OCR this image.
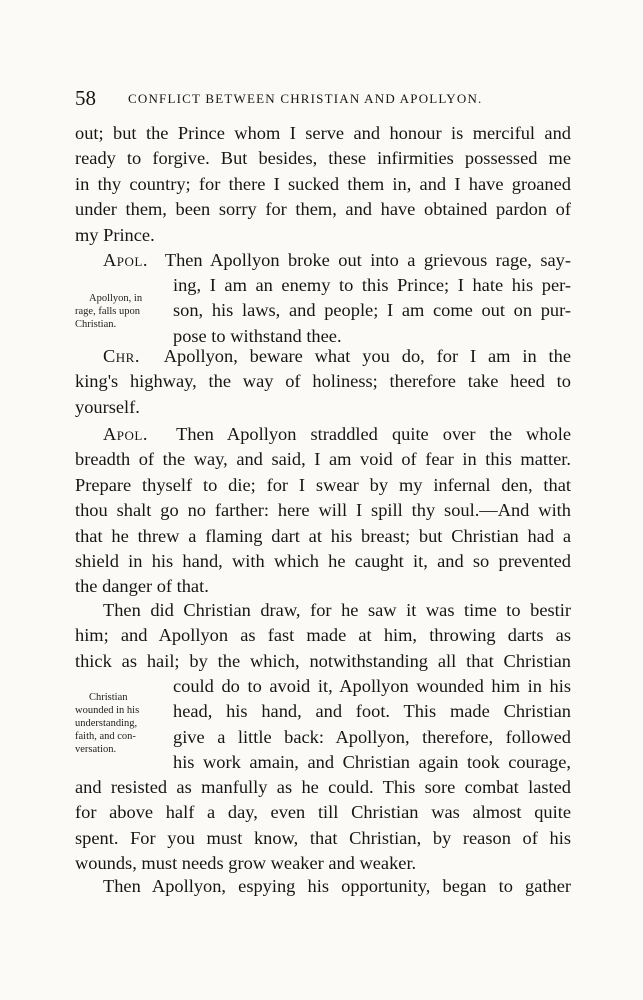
58 CONFLICT BETWEEN CHRISTIAN AND APOLLYON.
out; but the Prince whom I serve and honour is merciful and
ready to forgive. But besides, these infirmities possessed me
in thy country; for there I sucked them in, and I have groaned
under them, been sorry for them, and have obtained pardon of
my Prince.
Apol. Then Apollyon broke out into a grievous rage, say-
ing, I am an enemy to this Prince; I hate his per-
son, his laws, and people; I am come out on pur-
pose to withstand thee.
Apollyon, in
rage, falls upon
Christian.
Chr. Apollyon, beware what you do, for I am in the
king's highway, the way of holiness; therefore take heed to
yourself.
Apol. Then Apollyon straddled quite over the whole
breadth of the way, and said, I am void of fear in this matter.
Prepare thyself to die; for I swear by my infernal den, that
thou shalt go no farther: here will I spill thy soul.—And with
that he threw a flaming dart at his breast; but Christian had a
shield in his hand, with which he caught it, and so prevented
the danger of that.
Then did Christian draw, for he saw it was time to bestir
him; and Apollyon as fast made at him, throwing darts as
thick as hail; by the which, notwithstanding all that Christian
could do to avoid it, Apollyon wounded him in his
head, his hand, and foot. This made Christian
give a little back: Apollyon, therefore, followed
his work amain, and Christian again took courage,
Christian
wounded in his
understanding,
faith, and con-
versation.
and resisted as manfully as he could. This sore combat lasted
for above half a day, even till Christian was almost quite
spent. For you must know, that Christian, by reason of his
wounds, must needs grow weaker and weaker.
Then Apollyon, espying his opportunity, began to gather
